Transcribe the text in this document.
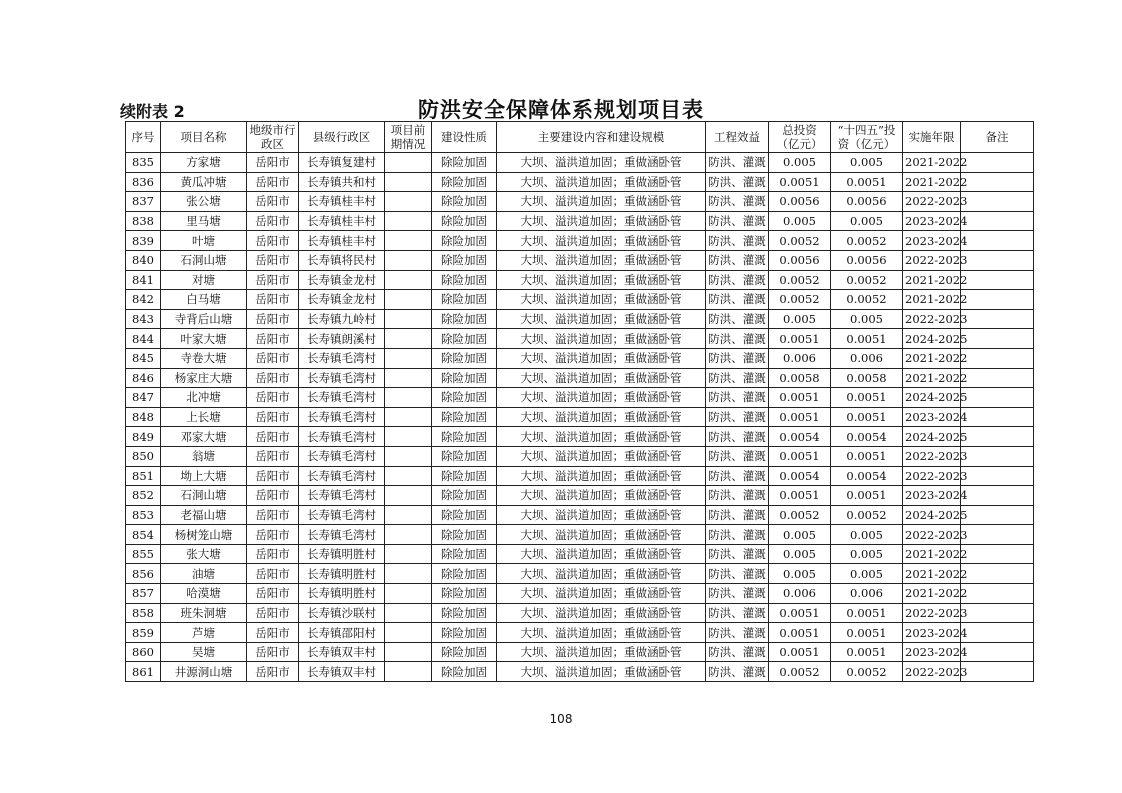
续附表 2	防洪安全保障体系规划项目表
序号	项目名称	地级市行政区	县级行政区	项目前期情况	建设性质	主要建设内容和建设规模	工程效益	总投资（亿元）	“十四五”投资（亿元）	实施年限	备注
835	方家塘	岳阳市	长寿镇复建村		除险加固	大坝、溢洪道加固；重做涵卧管	防洪、灌溉	0.005	0.005	2021-2022	
836	黄瓜冲塘	岳阳市	长寿镇共和村		除险加固	大坝、溢洪道加固；重做涵卧管	防洪、灌溉	0.0051	0.0051	2021-2022	
837	张公塘	岳阳市	长寿镇桂丰村		除险加固	大坝、溢洪道加固；重做涵卧管	防洪、灌溉	0.0056	0.0056	2022-2023	
838	里马塘	岳阳市	长寿镇桂丰村		除险加固	大坝、溢洪道加固；重做涵卧管	防洪、灌溉	0.005	0.005	2023-2024	
839	叶塘	岳阳市	长寿镇桂丰村		除险加固	大坝、溢洪道加固；重做涵卧管	防洪、灌溉	0.0052	0.0052	2023-2024	
840	石洞山塘	岳阳市	长寿镇将民村		除险加固	大坝、溢洪道加固；重做涵卧管	防洪、灌溉	0.0056	0.0056	2022-2023	
841	对塘	岳阳市	长寿镇金龙村		除险加固	大坝、溢洪道加固；重做涵卧管	防洪、灌溉	0.0052	0.0052	2021-2022	
842	白马塘	岳阳市	长寿镇金龙村		除险加固	大坝、溢洪道加固；重做涵卧管	防洪、灌溉	0.0052	0.0052	2021-2022	
843	寺背后山塘	岳阳市	长寿镇九岭村		除险加固	大坝、溢洪道加固；重做涵卧管	防洪、灌溉	0.005	0.005	2022-2023	
844	叶家大塘	岳阳市	长寿镇朗溪村		除险加固	大坝、溢洪道加固；重做涵卧管	防洪、灌溉	0.0051	0.0051	2024-2025	
845	寺卷大塘	岳阳市	长寿镇毛湾村		除险加固	大坝、溢洪道加固；重做涵卧管	防洪、灌溉	0.006	0.006	2021-2022	
846	杨家庄大塘	岳阳市	长寿镇毛湾村		除险加固	大坝、溢洪道加固；重做涵卧管	防洪、灌溉	0.0058	0.0058	2021-2022	
847	北冲塘	岳阳市	长寿镇毛湾村		除险加固	大坝、溢洪道加固；重做涵卧管	防洪、灌溉	0.0051	0.0051	2024-2025	
848	上长塘	岳阳市	长寿镇毛湾村		除险加固	大坝、溢洪道加固；重做涵卧管	防洪、灌溉	0.0051	0.0051	2023-2024	
849	邓家大塘	岳阳市	长寿镇毛湾村		除险加固	大坝、溢洪道加固；重做涵卧管	防洪、灌溉	0.0054	0.0054	2024-2025	
850	翁塘	岳阳市	长寿镇毛湾村		除险加固	大坝、溢洪道加固；重做涵卧管	防洪、灌溉	0.0051	0.0051	2022-2023	
851	坳上大塘	岳阳市	长寿镇毛湾村		除险加固	大坝、溢洪道加固；重做涵卧管	防洪、灌溉	0.0054	0.0054	2022-2023	
852	石洞山塘	岳阳市	长寿镇毛湾村		除险加固	大坝、溢洪道加固；重做涵卧管	防洪、灌溉	0.0051	0.0051	2023-2024	
853	老福山塘	岳阳市	长寿镇毛湾村		除险加固	大坝、溢洪道加固；重做涵卧管	防洪、灌溉	0.0052	0.0052	2024-2025	
854	杨树笼山塘	岳阳市	长寿镇毛湾村		除险加固	大坝、溢洪道加固；重做涵卧管	防洪、灌溉	0.005	0.005	2022-2023	
855	张大塘	岳阳市	长寿镇明胜村		除险加固	大坝、溢洪道加固；重做涵卧管	防洪、灌溉	0.005	0.005	2021-2022	
856	油塘	岳阳市	长寿镇明胜村		除险加固	大坝、溢洪道加固；重做涵卧管	防洪、灌溉	0.005	0.005	2021-2022	
857	哈漠塘	岳阳市	长寿镇明胜村		除险加固	大坝、溢洪道加固；重做涵卧管	防洪、灌溉	0.006	0.006	2021-2022	
858	班朱洞塘	岳阳市	长寿镇沙联村		除险加固	大坝、溢洪道加固；重做涵卧管	防洪、灌溉	0.0051	0.0051	2022-2023	
859	芦塘	岳阳市	长寿镇邵阳村		除险加固	大坝、溢洪道加固；重做涵卧管	防洪、灌溉	0.0051	0.0051	2023-2024	
860	吴塘	岳阳市	长寿镇双丰村		除险加固	大坝、溢洪道加固；重做涵卧管	防洪、灌溉	0.0051	0.0051	2023-2024	
861	井源洞山塘	岳阳市	长寿镇双丰村		除险加固	大坝、溢洪道加固；重做涵卧管	防洪、灌溉	0.0052	0.0052	2022-2023	
108
